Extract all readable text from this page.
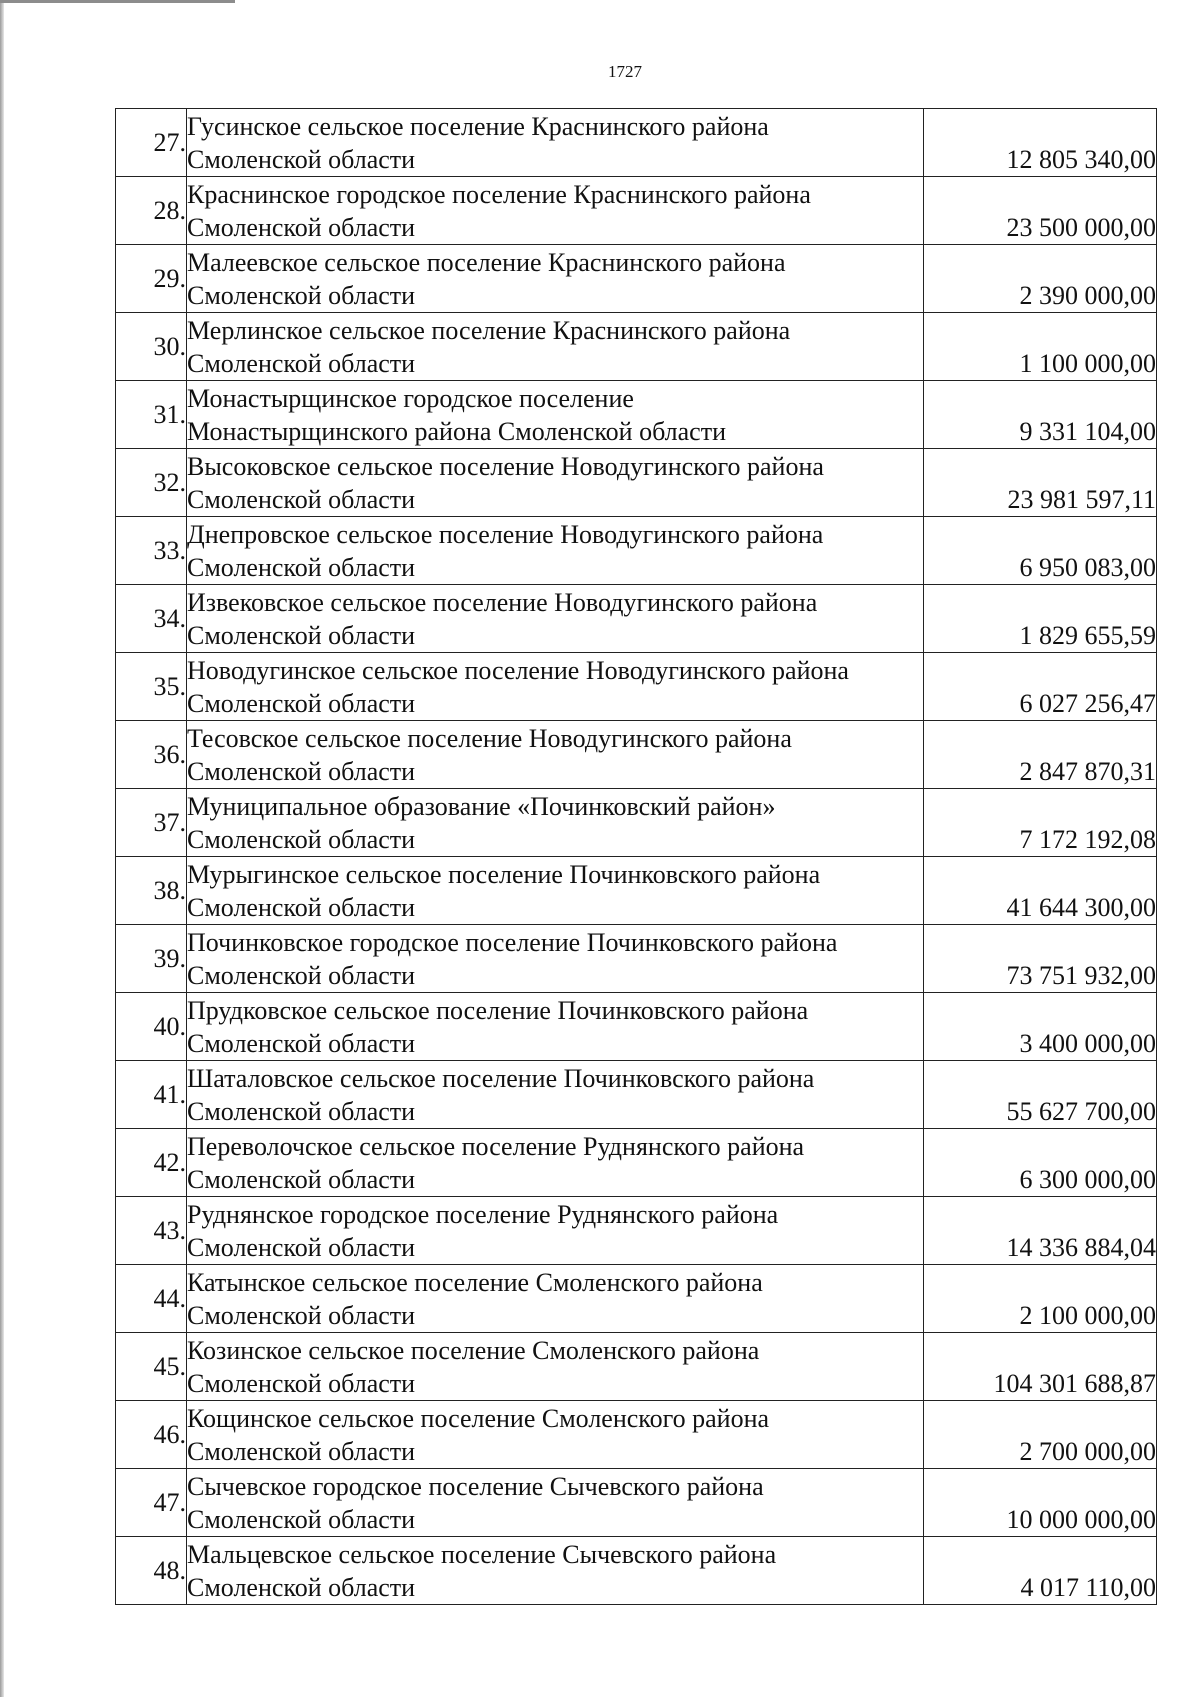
1727
27.	Гусинское сельское поселение Краснинского района
Смоленской области	12 805 340,00
28.	Краснинское городское поселение Краснинского района
Смоленской области	23 500 000,00
29.	Малеевское сельское поселение Краснинского района
Смоленской области	2 390 000,00
30.	Мерлинское сельское поселение Краснинского района
Смоленской области	1 100 000,00
31.	Монастырщинское городское поселение
Монастырщинского района Смоленской области	9 331 104,00
32.	Высоковское сельское поселение Новодугинского района
Смоленской области	23 981 597,11
33.	Днепровское сельское поселение Новодугинского района
Смоленской области	6 950 083,00
34.	Извековское сельское поселение Новодугинского района
Смоленской области	1 829 655,59
35.	Новодугинское сельское поселение Новодугинского района
Смоленской области	6 027 256,47
36.	Тесовское сельское поселение Новодугинского района
Смоленской области	2 847 870,31
37.	Муниципальное образование «Починковский район»
Смоленской области	7 172 192,08
38.	Мурыгинское сельское поселение Починковского района
Смоленской области	41 644 300,00
39.	Починковское городское поселение Починковского района
Смоленской области	73 751 932,00
40.	Прудковское сельское поселение Починковского района
Смоленской области	3 400 000,00
41.	Шаталовское сельское поселение Починковского района
Смоленской области	55 627 700,00
42.	Переволочское сельское поселение Руднянского района
Смоленской области	6 300 000,00
43.	Руднянское городское поселение Руднянского района
Смоленской области	14 336 884,04
44.	Катынское сельское поселение Смоленского района
Смоленской области	2 100 000,00
45.	Козинское сельское поселение Смоленского района
Смоленской области	104 301 688,87
46.	Кощинское сельское поселение Смоленского района
Смоленской области	2 700 000,00
47.	Сычевское городское поселение Сычевского района
Смоленской области	10 000 000,00
48.	Мальцевское сельское поселение Сычевского района
Смоленской области	4 017 110,00
